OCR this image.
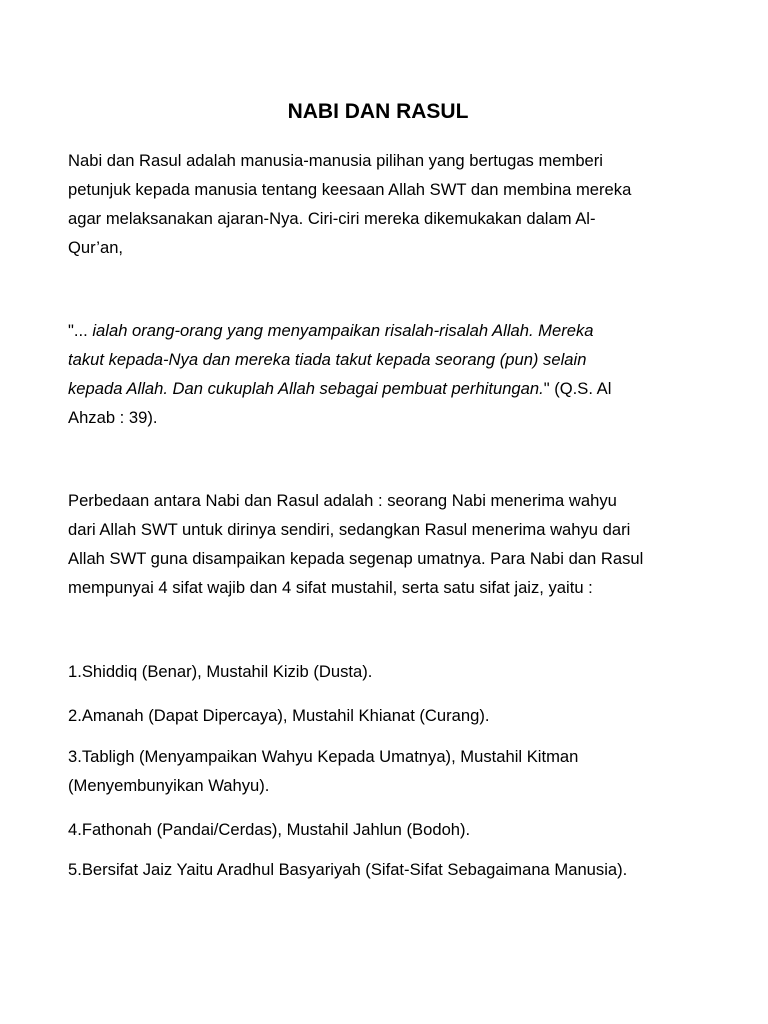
NABI DAN RASUL

Nabi dan Rasul adalah manusia-manusia pilihan yang bertugas memberi
petunjuk kepada manusia tentang keesaan Allah SWT dan membina mereka
agar melaksanakan ajaran-Nya. Ciri-ciri mereka dikemukakan dalam Al-
Qur’an,

"... ialah orang-orang yang menyampaikan risalah-risalah Allah. Mereka
takut kepada-Nya dan mereka tiada takut kepada seorang (pun) selain
kepada Allah. Dan cukuplah Allah sebagai pembuat perhitungan." (Q.S. Al
Ahzab : 39).

Perbedaan antara Nabi dan Rasul adalah : seorang Nabi menerima wahyu
dari Allah SWT untuk dirinya sendiri, sedangkan Rasul menerima wahyu dari
Allah SWT guna disampaikan kepada segenap umatnya. Para Nabi dan Rasul
mempunyai 4 sifat wajib dan 4 sifat mustahil, serta satu sifat jaiz, yaitu :

1.Shiddiq (Benar), Mustahil Kizib (Dusta).

2.Amanah (Dapat Dipercaya), Mustahil Khianat (Curang).

3.Tabligh (Menyampaikan Wahyu Kepada Umatnya), Mustahil Kitman
(Menyembunyikan Wahyu).

4.Fathonah (Pandai/Cerdas), Mustahil Jahlun (Bodoh).

5.Bersifat Jaiz Yaitu Aradhul Basyariyah (Sifat-Sifat Sebagaimana Manusia).
